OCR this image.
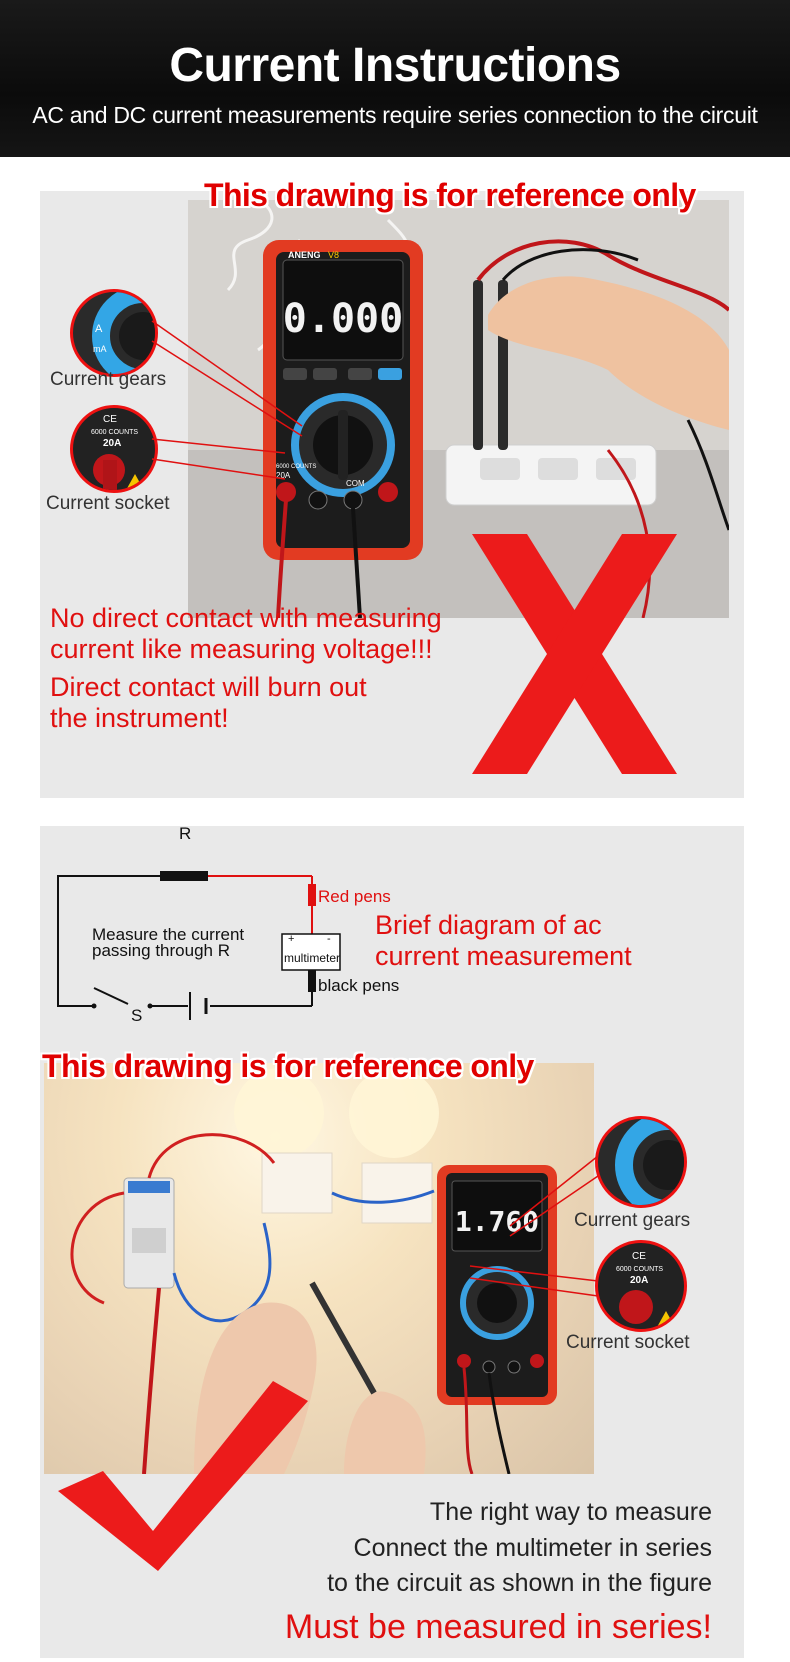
Current Instructions
AC and DC current measurements require series connection to the circuit
0.000
ANENG V8
20A
6000 COUNTS
COM
This drawing is for reference only
A
mA
Current gears
CE
6000 COUNTS
20A
Current socket
No direct contact with measuring
current like measuring voltage!!!
Direct contact will burn out
the instrument!
R
Red pens
Measure the current
passing through R
+	-
multimeter
black pens
S
Brief diagram of ac
current measurement
1.760
This drawing is for reference only
Current gears
CE
6000 COUNTS
20A
Current socket
The right way to measure
Connect the multimeter in series
to the circuit as shown in the figure
Must be measured in series!
